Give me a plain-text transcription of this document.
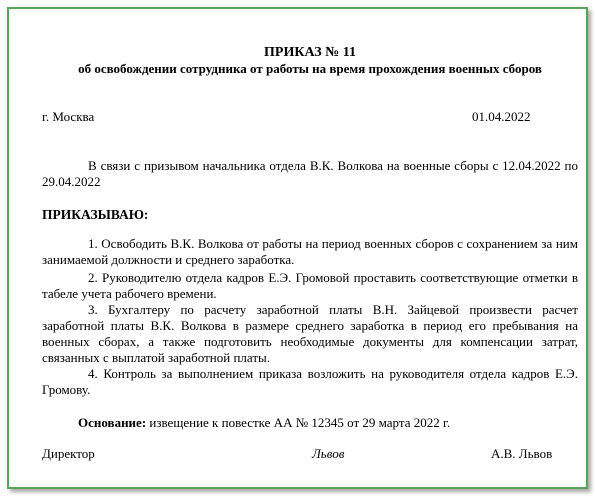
ПРИКАЗ № 11
об освобождении сотрудника от работы на время прохождения военных сборов
г. Москва	01.04.2022
В связи с призывом начальника отдела В.К. Волкова на военные сборы с 12.04.2022 по 29.04.2022
ПРИКАЗЫВАЮ:
1. Освободить В.К. Волкова от работы на период военных сборов с сохранением за ним занимаемой должности и среднего заработка.
2. Руководителю отдела кадров Е.Э. Громовой проставить соответствующие отметки в табеле учета рабочего времени.
3. Бухгалтеру по расчету заработной платы В.Н. Зайцевой произвести расчет заработной платы В.К. Волкова в размере среднего заработка в период его пребывания на военных сборах, а также подготовить необходимые документы для компенсации затрат, связанных с выплатой заработной платы.
4. Контроль за выполнением приказа возложить на руководителя отдела кадров Е.Э. Громову.
Основание: извещение к повестке АА № 12345 от 29 марта 2022 г.
Директор	Львов	А.В. Львов
